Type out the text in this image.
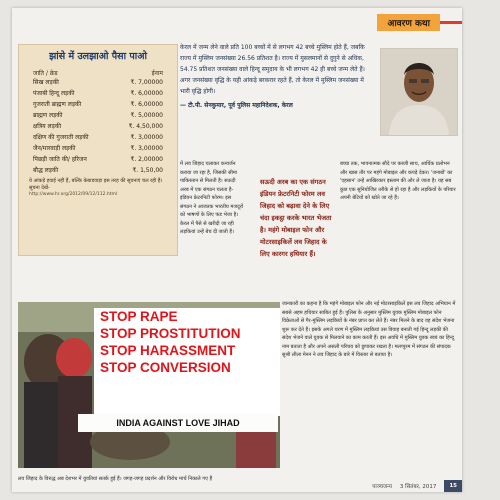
आवरण कथा
झांसे में उलझाओ पैसा पाओ
जाति / क्रेड	ईनाम
सिख लड़की	₹. 7,00000
पंजाबी हिन्दू लड़की	₹. 6,00000
गुजराती ब्राह्मण लड़की	₹. 6,00000
ब्राह्मण लड़की	₹. 5,00000
क्षत्रिय लड़की	₹. 4,50,000
दक्षिण की गुजराती लड़की	₹. 3,00000
जैन/मारवाड़ी लड़की	₹. 3,00000
पिछड़ी जाति की/ हरिजन	₹. 2,00000
बौद्ध लड़की	₹. 1,50,00
ये आंकड़े हवाई नहीं हैं, बल्कि केबाडवाड़ा इस तरह की सूचनाएं चल रही हैं। सूचना देखें-
http://www.hr.org/2012/09/12/112.html
केरल में जन्म लेने वाले प्रति 100 बच्चों में से लगभग 42 बच्चे मुस्लिम होते हैं, जबकि राज्य में मुस्लिम जनसंख्या 26.56 प्रतिशत है। राज्य में मुसलमानों से दुगुने से अधिक, 54.75 प्रतिशत जनसंख्या वाले हिन्दू समुदाय के भी लगभग 42 ही बच्चे जन्म लेते हैं। अगर जनसंख्या वृद्धि के यही आंकड़े बरकरार रहते हैं, तो केरल में मुस्लिम जनसंख्या में भारी वृद्धि होगी।
— टी.पी. सेनकुमार, पूर्व पुलिस महानिदेशक, केरल
में लव जिहाद चलाकर कन्वर्जन कराया जा रहा है, जिसकी सीमा पाकिस्तान से मिलती है। सऊदी अरब में एक संगठन चलता है- इंडियन फ्रेटरनिटी फोरम। इस संगठन ने आजतक भारतीय मजदूरों को भाषणों के लिए फंड भेजा है। केरल में पैसे से खरीदी जा रही लड़कियां उन्हें बेच दी जाती हैं।
सऊदी अरब का एक संगठन इंडियन फ्रेटरनिटी फोरम लव जिहाद को बढ़ावा देने के लिए चंदा इकट्ठा करके भारत भेजता है। महंगे मोबाइल फोन और मोटरसाइकिलें लव जिहाद के लिए कारगर हथियार हैं।
बच्चा तक, भावनात्मक सौदे पर कब्जी साथ, आर्थिक प्रलोभन और खास तौर पर महंगे मोबाइल और कपड़े देकर। 'जनाबों' का 'एहसान' उन्हें आखिरकार इस्लाम की ओर ले जाता है। यह सब कुछ एक सुनियोजित तरीके से हो रहा है और लड़कियों के परिवार अपनी बेटियों को खोते जा रहे हैं।
STOP RAPE
STOP PROSTITUTION
STOP HARASSMENT
STOP CONVERSION
INDIA AGAINST LOVE JIHAD
जानकारी का कहना है कि महंगे मोबाइल फोन और नई मोटरसाइकिलें इस लव जिहाद अभियान में सबसे अहम हथियार साबित हुई हैं। पुलिस के अनुसार मुस्लिम युवक मुस्लिम मोबाइल फोन विक्रेताओं से गैर-मुस्लिम लड़कियों के नंबर प्राप्त कर लेते हैं। नंबर मिलने के बाद वह संदेश भेजना शुरू कर देते हैं। इसके अगले चरण में मुस्लिम लड़कियां उस विवाह बनाती गई हिन्दू लड़की की संदेश भेजने वाले युवक से मिलवाने का काम करती हैं। इस अवधि में मुस्लिम युवक स्वयं का हिन्दू नाम बताता है और अपने असली परिचय को छुपाकर रखता है। मलप्पुरम में संगठन की संपादक सुश्री लीला मेनन ने लव जिहाद के बारे में विस्तार से बताया है।
लव जिहाद के विरुद्ध अब देशभर में युवतियां सतर्क हुई हैं। जगह-जगह प्रदर्शन और विरोध मार्च निकाले गए हैं
पाञ्चजन्य 3 सितंबर, 2017	15
